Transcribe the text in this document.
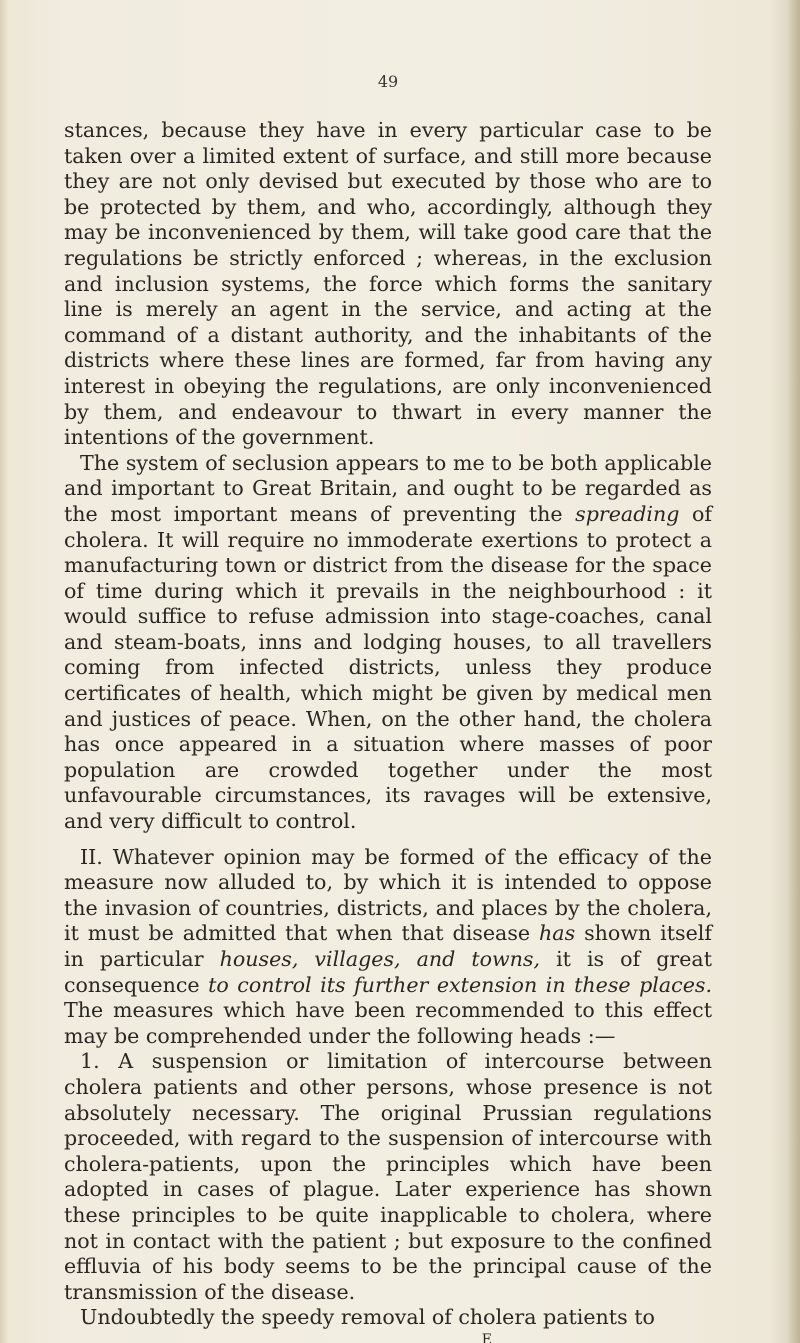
49

stances, because they have in every particular case to be taken over a limited extent of surface, and still more because they are not only devised but executed by those who are to be protected by them, and who, accordingly, although they may be inconvenienced by them, will take good care that the regulations be strictly enforced ; whereas, in the exclusion and inclusion systems, the force which forms the sanitary line is merely an agent in the service, and acting at the command of a distant authority, and the inhabitants of the districts where these lines are formed, far from having any interest in obeying the regulations, are only inconvenienced by them, and endeavour to thwart in every manner the intentions of the government.

The system of seclusion appears to me to be both applicable and important to Great Britain, and ought to be regarded as the most important means of preventing the spreading of cholera. It will require no immoderate exertions to protect a manufacturing town or district from the disease for the space of time during which it prevails in the neighbourhood : it would suffice to refuse admission into stage-coaches, canal and steam-boats, inns and lodging houses, to all travellers coming from infected districts, unless they produce certificates of health, which might be given by medical men and justices of peace. When, on the other hand, the cholera has once appeared in a situation where masses of poor population are crowded together under the most unfavourable circumstances, its ravages will be extensive, and very difficult to control.

II. Whatever opinion may be formed of the efficacy of the measure now alluded to, by which it is intended to oppose the invasion of countries, districts, and places by the cholera, it must be admitted that when that disease has shown itself in particular houses, villages, and towns, it is of great consequence to control its further extension in these places. The measures which have been recommended to this effect may be comprehended under the following heads :—

1. A suspension or limitation of intercourse between cholera patients and other persons, whose presence is not absolutely necessary. The original Prussian regulations proceeded, with regard to the suspension of intercourse with cholera-patients, upon the principles which have been adopted in cases of plague. Later experience has shown these principles to be quite inapplicable to cholera, where not in contact with the patient ; but exposure to the confined effluvia of his body seems to be the principal cause of the transmission of the disease.

Undoubtedly the speedy removal of cholera patients to

E
